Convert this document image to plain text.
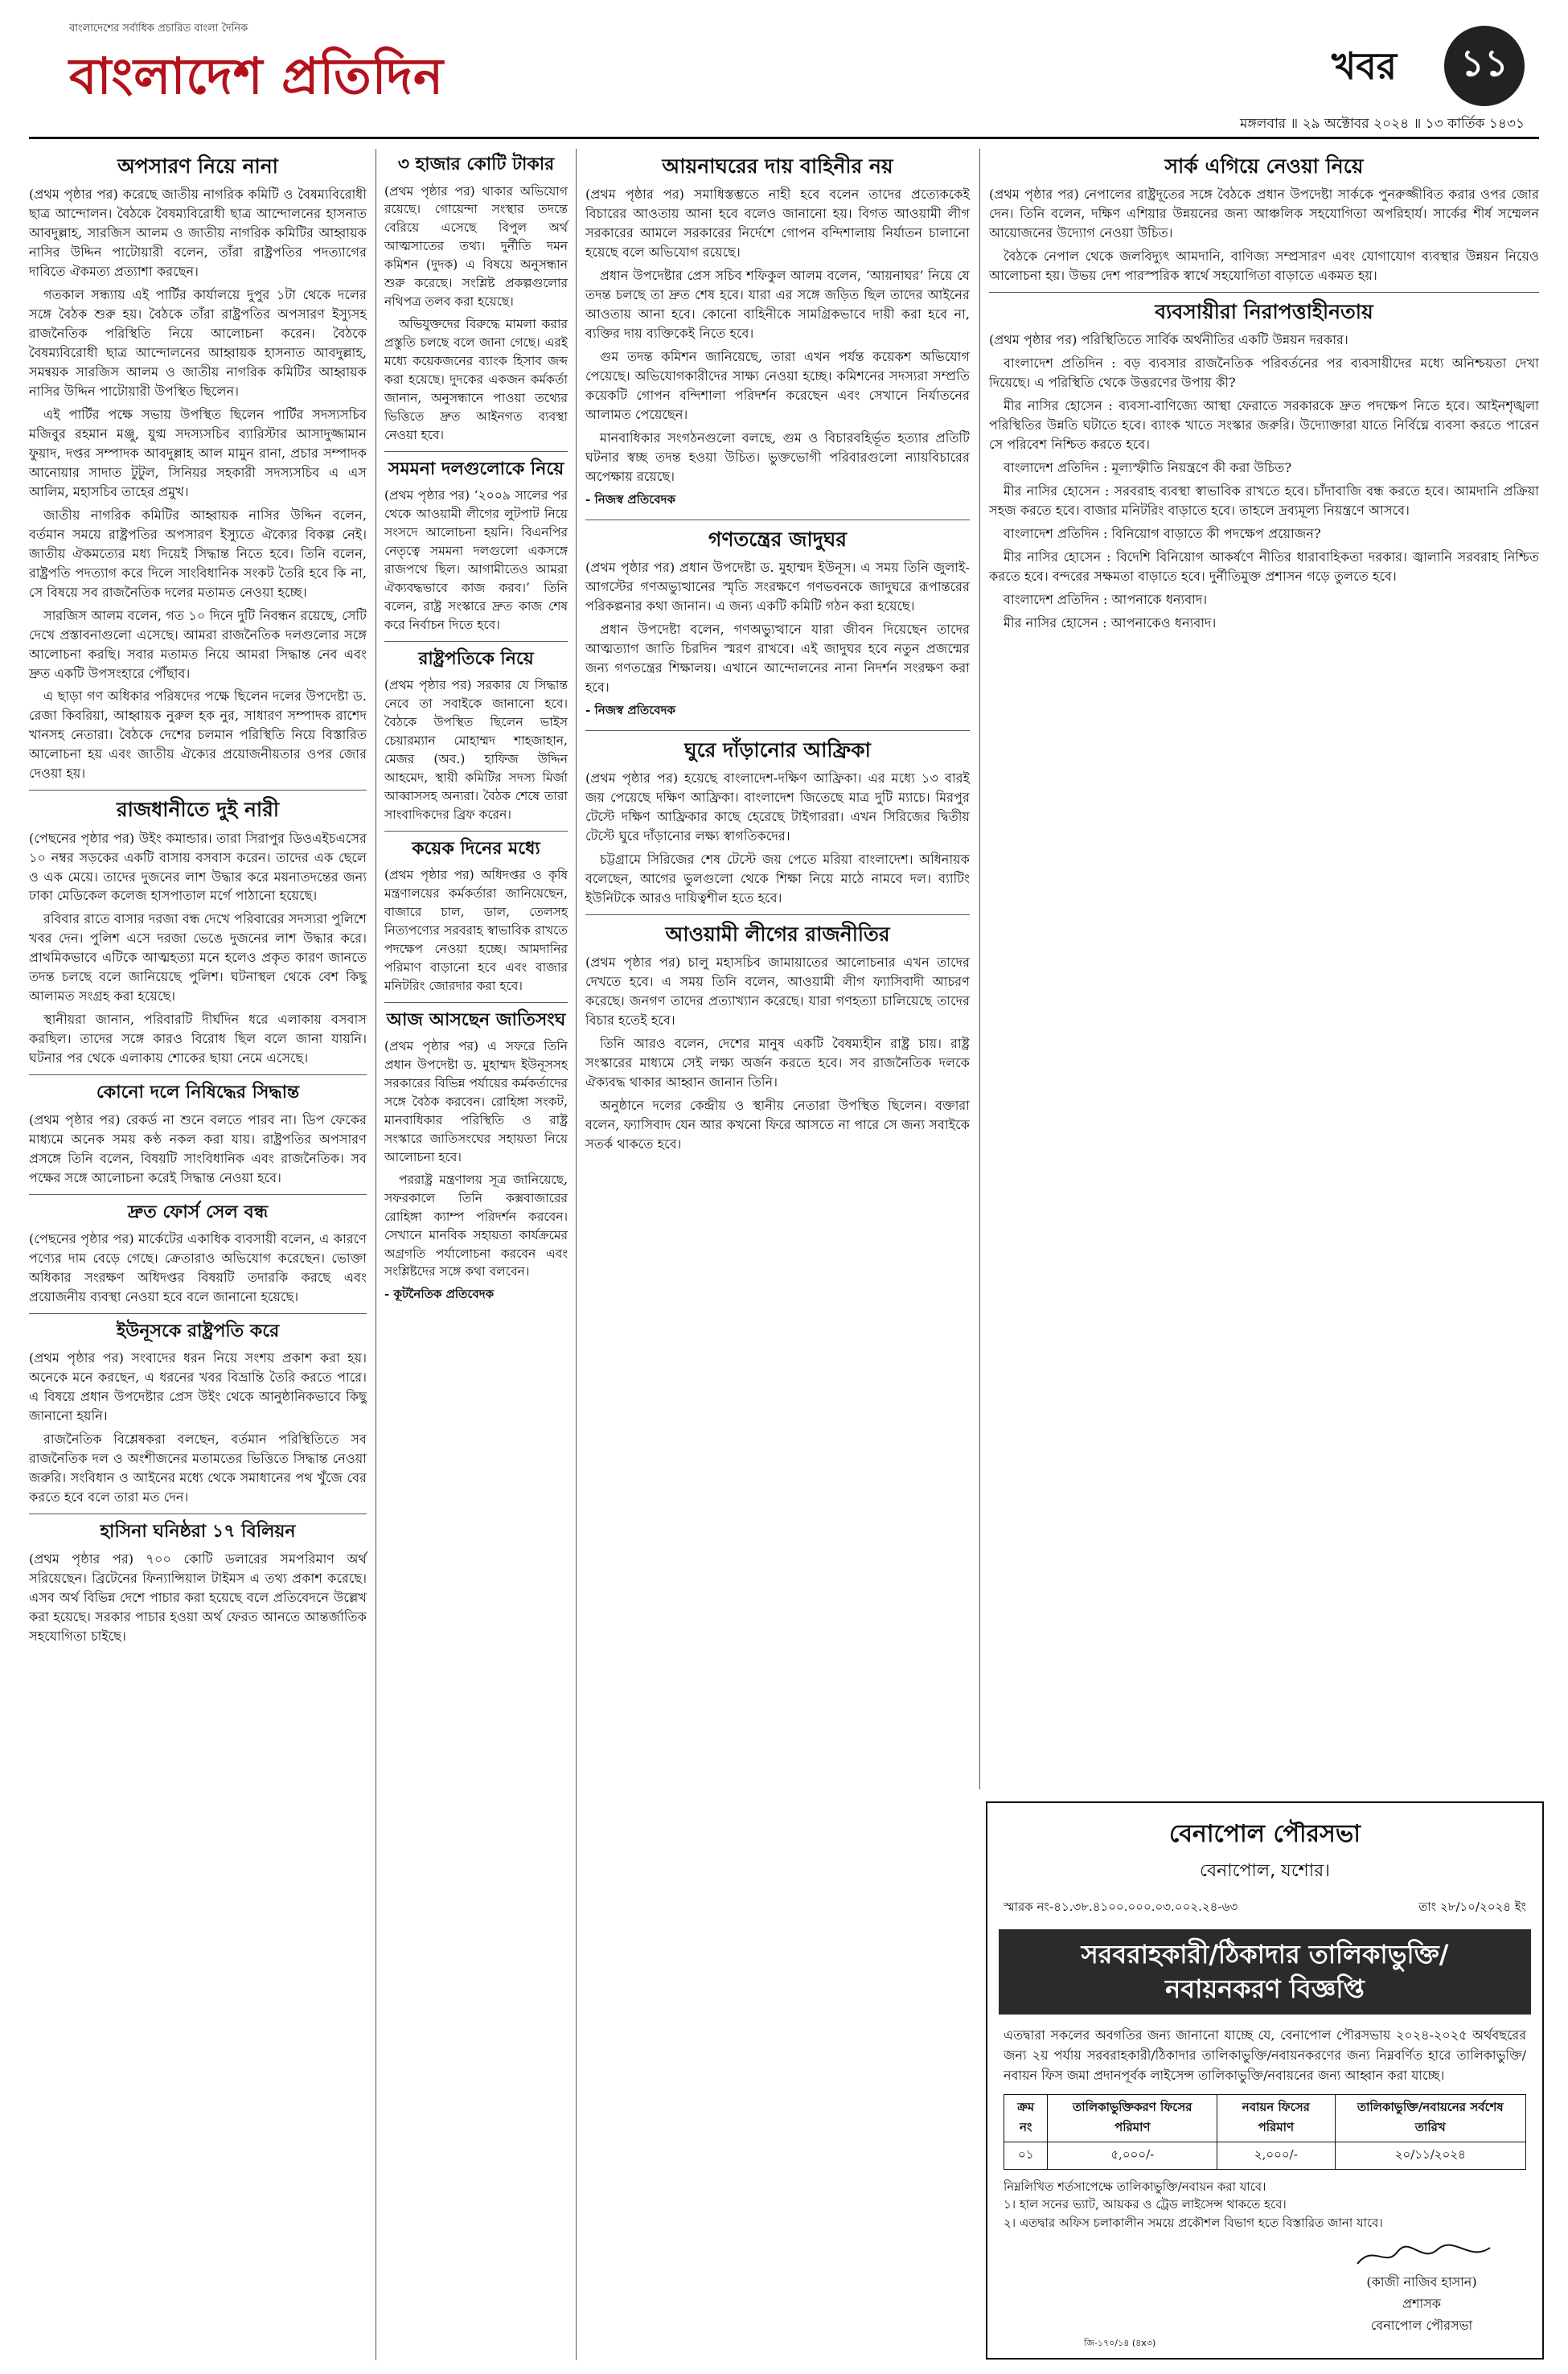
বাংলাদেশের সর্বাধিক প্রচারিত বাংলা দৈনিক
বাংলাদেশ প্রতিদিন	খবর	১১
মঙ্গলবার ॥ ২৯ অক্টোবর ২০২৪ ॥ ১৩ কার্তিক ১৪৩১
অপসারণ নিয়ে নানা

(প্রথম পৃষ্ঠার পর) করেছে জাতীয় নাগরিক কমিটি ও বৈষম্যবিরোধী ছাত্র আন্দোলন। বৈঠকে বৈষম্যবিরোধী ছাত্র আন্দোলনের হাসনাত আবদুল্লাহ, সারজিস আলম ও জাতীয় নাগরিক কমিটির আহ্বায়ক নাসির উদ্দিন পাটোয়ারী বলেন, তাঁরা রাষ্ট্রপতির পদত্যাগের দাবিতে ঐকমত্য প্রত্যাশা করছেন।

গতকাল সন্ধ্যায় এই পার্টির কার্যালয়ে দুপুর ১টা থেকে দলের সঙ্গে বৈঠক শুরু হয়। বৈঠকে তাঁরা রাষ্ট্রপতির অপসারণ ইস্যুসহ রাজনৈতিক পরিস্থিতি নিয়ে আলোচনা করেন। বৈঠকে বৈষম্যবিরোধী ছাত্র আন্দোলনের আহ্বায়ক হাসনাত আবদুল্লাহ, সমন্বয়ক সারজিস আলম ও জাতীয় নাগরিক কমিটির আহ্বায়ক নাসির উদ্দিন পাটোয়ারী উপস্থিত ছিলেন।

এই পার্টির পক্ষে সভায় উপস্থিত ছিলেন পার্টির সদস্যসচিব মজিবুর রহমান মঞ্জু, যুগ্ম সদস্যসচিব ব্যারিস্টার আসাদুজ্জামান ফুয়াদ, দপ্তর সম্পাদক আবদুল্লাহ আল মামুন রানা, প্রচার সম্পাদক আনোয়ার সাদাত টুটুল, সিনিয়র সহকারী সদস্যসচিব এ এস আলিম, মহাসচিব তাহের প্রমুখ।

জাতীয় নাগরিক কমিটির আহ্বায়ক নাসির উদ্দিন বলেন, বর্তমান সময়ে রাষ্ট্রপতির অপসারণ ইস্যুতে ঐক্যের বিকল্প নেই। জাতীয় ঐকমত্যের মধ্য দিয়েই সিদ্ধান্ত নিতে হবে। তিনি বলেন, রাষ্ট্রপতি পদত্যাগ করে দিলে সাংবিধানিক সংকট তৈরি হবে কি না, সে বিষয়ে সব রাজনৈতিক দলের মতামত নেওয়া হচ্ছে।

সারজিস আলম বলেন, গত ১০ দিনে দুটি নিবন্ধন রয়েছে, সেটি দেখে প্রস্তাবনাগুলো এসেছে। আমরা রাজনৈতিক দলগুলোর সঙ্গে আলোচনা করছি। সবার মতামত নিয়ে আমরা সিদ্ধান্ত নেব এবং দ্রুত একটি উপসংহারে পৌঁছাব।

এ ছাড়া গণ অধিকার পরিষদের পক্ষে ছিলেন দলের উপদেষ্টা ড. রেজা কিবরিয়া, আহ্বায়ক নুরুল হক নুর, সাধারণ সম্পাদক রাশেদ খানসহ নেতারা। বৈঠকে দেশের চলমান পরিস্থিতি নিয়ে বিস্তারিত আলোচনা হয় এবং জাতীয় ঐক্যের প্রয়োজনীয়তার ওপর জোর দেওয়া হয়।

রাজধানীতে দুই নারী

(পেছনের পৃষ্ঠার পর) উইং কমান্ডার। তারা সিরাপুর ডিওএইচএসের ১০ নম্বর সড়কের একটি বাসায় বসবাস করেন। তাদের এক ছেলে ও এক মেয়ে। তাদের দুজনের লাশ উদ্ধার করে ময়নাতদন্তের জন্য ঢাকা মেডিকেল কলেজ হাসপাতাল মর্গে পাঠানো হয়েছে।

রবিবার রাতে বাসার দরজা বন্ধ দেখে পরিবারের সদস্যরা পুলিশে খবর দেন। পুলিশ এসে দরজা ভেঙে দুজনের লাশ উদ্ধার করে। প্রাথমিকভাবে এটিকে আত্মহত্যা মনে হলেও প্রকৃত কারণ জানতে তদন্ত চলছে বলে জানিয়েছে পুলিশ। ঘটনাস্থল থেকে বেশ কিছু আলামত সংগ্রহ করা হয়েছে।

স্থানীয়রা জানান, পরিবারটি দীর্ঘদিন ধরে এলাকায় বসবাস করছিল। তাদের সঙ্গে কারও বিরোধ ছিল বলে জানা যায়নি। ঘটনার পর থেকে এলাকায় শোকের ছায়া নেমে এসেছে।

কোনো দলে নিষিদ্ধের সিদ্ধান্ত

(প্রথম পৃষ্ঠার পর) রেকর্ড না শুনে বলতে পারব না। ডিপ ফেকের মাধ্যমে অনেক সময় কণ্ঠ নকল করা যায়। রাষ্ট্রপতির অপসারণ প্রসঙ্গে তিনি বলেন, বিষয়টি সাংবিধানিক এবং রাজনৈতিক। সব পক্ষের সঙ্গে আলোচনা করেই সিদ্ধান্ত নেওয়া হবে।

দ্রুত ফোর্স সেল বন্ধ

(পেছনের পৃষ্ঠার পর) মার্কেটের একাধিক ব্যবসায়ী বলেন, এ কারণে পণ্যের দাম বেড়ে গেছে। ক্রেতারাও অভিযোগ করেছেন। ভোক্তা অধিকার সংরক্ষণ অধিদপ্তর বিষয়টি তদারকি করছে এবং প্রয়োজনীয় ব্যবস্থা নেওয়া হবে বলে জানানো হয়েছে।

ইউনূসকে রাষ্ট্রপতি করে

(প্রথম পৃষ্ঠার পর) সংবাদের ধরন নিয়ে সংশয় প্রকাশ করা হয়। অনেকে মনে করছেন, এ ধরনের খবর বিভ্রান্তি তৈরি করতে পারে। এ বিষয়ে প্রধান উপদেষ্টার প্রেস উইং থেকে আনুষ্ঠানিকভাবে কিছু জানানো হয়নি।

রাজনৈতিক বিশ্লেষকরা বলছেন, বর্তমান পরিস্থিতিতে সব রাজনৈতিক দল ও অংশীজনের মতামতের ভিত্তিতে সিদ্ধান্ত নেওয়া জরুরি। সংবিধান ও আইনের মধ্যে থেকে সমাধানের পথ খুঁজে বের করতে হবে বলে তারা মত দেন।

হাসিনা ঘনিষ্ঠরা ১৭ বিলিয়ন

(প্রথম পৃষ্ঠার পর) ৭০০ কোটি ডলারের সমপরিমাণ অর্থ সরিয়েছেন। ব্রিটেনের ফিন্যান্সিয়াল টাইমস এ তথ্য প্রকাশ করেছে। এসব অর্থ বিভিন্ন দেশে পাচার করা হয়েছে বলে প্রতিবেদনে উল্লেখ করা হয়েছে। সরকার পাচার হওয়া অর্থ ফেরত আনতে আন্তর্জাতিক সহযোগিতা চাইছে।

৩ হাজার কোটি টাকার

(প্রথম পৃষ্ঠার পর) থাকার অভিযোগ রয়েছে। গোয়েন্দা সংস্থার তদন্তে বেরিয়ে এসেছে বিপুল অর্থ আত্মসাতের তথ্য। দুর্নীতি দমন কমিশন (দুদক) এ বিষয়ে অনুসন্ধান শুরু করেছে। সংশ্লিষ্ট প্রকল্পগুলোর নথিপত্র তলব করা হয়েছে।

অভিযুক্তদের বিরুদ্ধে মামলা করার প্রস্তুতি চলছে বলে জানা গেছে। এরই মধ্যে কয়েকজনের ব্যাংক হিসাব জব্দ করা হয়েছে। দুদকের একজন কর্মকর্তা জানান, অনুসন্ধানে পাওয়া তথ্যের ভিত্তিতে দ্রুত আইনগত ব্যবস্থা নেওয়া হবে।

সমমনা দলগুলোকে নিয়ে

(প্রথম পৃষ্ঠার পর) ‘২০০৯ সালের পর থেকে আওয়ামী লীগের লুটপাট নিয়ে সংসদে আলোচনা হয়নি। বিএনপির নেতৃত্বে সমমনা দলগুলো একসঙ্গে রাজপথে ছিল। আগামীতেও আমরা ঐক্যবদ্ধভাবে কাজ করব।’ তিনি বলেন, রাষ্ট্র সংস্কারে দ্রুত কাজ শেষ করে নির্বাচন দিতে হবে।

রাষ্ট্রপতিকে নিয়ে

(প্রথম পৃষ্ঠার পর) সরকার যে সিদ্ধান্ত নেবে তা সবাইকে জানানো হবে। বৈঠকে উপস্থিত ছিলেন ভাইস চেয়ারম্যান মোহাম্মদ শাহজাহান, মেজর (অব.) হাফিজ উদ্দিন আহমেদ, স্থায়ী কমিটির সদস্য মির্জা আব্বাসসহ অন্যরা। বৈঠক শেষে তারা সাংবাদিকদের ব্রিফ করেন।

কয়েক দিনের মধ্যে

(প্রথম পৃষ্ঠার পর) অধিদপ্তর ও কৃষি মন্ত্রণালয়ের কর্মকর্তারা জানিয়েছেন, বাজারে চাল, ডাল, তেলসহ নিত্যপণ্যের সরবরাহ স্বাভাবিক রাখতে পদক্ষেপ নেওয়া হচ্ছে। আমদানির পরিমাণ বাড়ানো হবে এবং বাজার মনিটরিং জোরদার করা হবে।

আজ আসছেন জাতিসংঘ

(প্রথম পৃষ্ঠার পর) এ সফরে তিনি প্রধান উপদেষ্টা ড. মুহাম্মদ ইউনূসসহ সরকারের বিভিন্ন পর্যায়ের কর্মকর্তাদের সঙ্গে বৈঠক করবেন। রোহিঙ্গা সংকট, মানবাধিকার পরিস্থিতি ও রাষ্ট্র সংস্কারে জাতিসংঘের সহায়তা নিয়ে আলোচনা হবে।

পররাষ্ট্র মন্ত্রণালয় সূত্র জানিয়েছে, সফরকালে তিনি কক্সবাজারের রোহিঙ্গা ক্যাম্প পরিদর্শন করবেন। সেখানে মানবিক সহায়তা কার্যক্রমের অগ্রগতি পর্যালোচনা করবেন এবং সংশ্লিষ্টদের সঙ্গে কথা বলবেন।

- কূটনৈতিক প্রতিবেদক
আয়নাঘরের দায় বাহিনীর নয়

(প্রথম পৃষ্ঠার পর) সমাধিস্তম্ভতে নাহী হবে বলেন তাদের প্রত্যেককেই বিচারের আওতায় আনা হবে বলেও জানানো হয়। বিগত আওয়ামী লীগ সরকারের আমলে সরকারের নির্দেশে গোপন বন্দিশালায় নির্যাতন চালানো হয়েছে বলে অভিযোগ রয়েছে।

প্রধান উপদেষ্টার প্রেস সচিব শফিকুল আলম বলেন, ‘আয়নাঘর’ নিয়ে যে তদন্ত চলছে তা দ্রুত শেষ হবে। যারা এর সঙ্গে জড়িত ছিল তাদের আইনের আওতায় আনা হবে। কোনো বাহিনীকে সামগ্রিকভাবে দায়ী করা হবে না, ব্যক্তির দায় ব্যক্তিকেই নিতে হবে।

গুম তদন্ত কমিশন জানিয়েছে, তারা এখন পর্যন্ত কয়েকশ অভিযোগ পেয়েছে। অভিযোগকারীদের সাক্ষ্য নেওয়া হচ্ছে। কমিশনের সদস্যরা সম্প্রতি কয়েকটি গোপন বন্দিশালা পরিদর্শন করেছেন এবং সেখানে নির্যাতনের আলামত পেয়েছেন।

মানবাধিকার সংগঠনগুলো বলছে, গুম ও বিচারবহির্ভূত হত্যার প্রতিটি ঘটনার স্বচ্ছ তদন্ত হওয়া উচিত। ভুক্তভোগী পরিবারগুলো ন্যায়বিচারের অপেক্ষায় রয়েছে।

- নিজস্ব প্রতিবেদক
গণতন্ত্রের জাদুঘর

(প্রথম পৃষ্ঠার পর) প্রধান উপদেষ্টা ড. মুহাম্মদ ইউনূস। এ সময় তিনি জুলাই-আগস্টের গণঅভ্যুত্থানের স্মৃতি সংরক্ষণে গণভবনকে জাদুঘরে রূপান্তরের পরিকল্পনার কথা জানান। এ জন্য একটি কমিটি গঠন করা হয়েছে।

প্রধান উপদেষ্টা বলেন, গণঅভ্যুত্থানে যারা জীবন দিয়েছেন তাদের আত্মত্যাগ জাতি চিরদিন স্মরণ রাখবে। এই জাদুঘর হবে নতুন প্রজন্মের জন্য গণতন্ত্রের শিক্ষালয়। এখানে আন্দোলনের নানা নিদর্শন সংরক্ষণ করা হবে।

- নিজস্ব প্রতিবেদক
ঘুরে দাঁড়ানোর আফ্রিকা

(প্রথম পৃষ্ঠার পর) হয়েছে বাংলাদেশ-দক্ষিণ আফ্রিকা। এর মধ্যে ১৩ বারই জয় পেয়েছে দক্ষিণ আফ্রিকা। বাংলাদেশ জিতেছে মাত্র দুটি ম্যাচে। মিরপুর টেস্টে দক্ষিণ আফ্রিকার কাছে হেরেছে টাইগাররা। এখন সিরিজের দ্বিতীয় টেস্টে ঘুরে দাঁড়ানোর লক্ষ্য স্বাগতিকদের।

চট্টগ্রামে সিরিজের শেষ টেস্টে জয় পেতে মরিয়া বাংলাদেশ। অধিনায়ক বলেছেন, আগের ভুলগুলো থেকে শিক্ষা নিয়ে মাঠে নামবে দল। ব্যাটিং ইউনিটকে আরও দায়িত্বশীল হতে হবে।

আওয়ামী লীগের রাজনীতির

(প্রথম পৃষ্ঠার পর) চালু মহাসচিব জামায়াতের আলোচনার এখন তাদের দেখতে হবে। এ সময় তিনি বলেন, আওয়ামী লীগ ফ্যাসিবাদী আচরণ করেছে। জনগণ তাদের প্রত্যাখ্যান করেছে। যারা গণহত্যা চালিয়েছে তাদের বিচার হতেই হবে।

তিনি আরও বলেন, দেশের মানুষ একটি বৈষম্যহীন রাষ্ট্র চায়। রাষ্ট্র সংস্কারের মাধ্যমে সেই লক্ষ্য অর্জন করতে হবে। সব রাজনৈতিক দলকে ঐক্যবদ্ধ থাকার আহ্বান জানান তিনি।

অনুষ্ঠানে দলের কেন্দ্রীয় ও স্থানীয় নেতারা উপস্থিত ছিলেন। বক্তারা বলেন, ফ্যাসিবাদ যেন আর কখনো ফিরে আসতে না পারে সে জন্য সবাইকে সতর্ক থাকতে হবে।

সার্ক এগিয়ে নেওয়া নিয়ে

(প্রথম পৃষ্ঠার পর) নেপালের রাষ্ট্রদূতের সঙ্গে বৈঠকে প্রধান উপদেষ্টা সার্ককে পুনরুজ্জীবিত করার ওপর জোর দেন। তিনি বলেন, দক্ষিণ এশিয়ার উন্নয়নের জন্য আঞ্চলিক সহযোগিতা অপরিহার্য। সার্কের শীর্ষ সম্মেলন আয়োজনের উদ্যোগ নেওয়া উচিত।

বৈঠকে নেপাল থেকে জলবিদ্যুৎ আমদানি, বাণিজ্য সম্প্রসারণ এবং যোগাযোগ ব্যবস্থার উন্নয়ন নিয়েও আলোচনা হয়। উভয় দেশ পারস্পরিক স্বার্থে সহযোগিতা বাড়াতে একমত হয়।

ব্যবসায়ীরা নিরাপত্তাহীনতায়

(প্রথম পৃষ্ঠার পর) পরিস্থিতিতে সার্বিক অর্থনীতির একটি উন্নয়ন দরকার।

বাংলাদেশ প্রতিদিন : বড় ব্যবসার রাজনৈতিক পরিবর্তনের পর ব্যবসায়ীদের মধ্যে অনিশ্চয়তা দেখা দিয়েছে। এ পরিস্থিতি থেকে উত্তরণের উপায় কী?

মীর নাসির হোসেন : ব্যবসা-বাণিজ্যে আস্থা ফেরাতে সরকারকে দ্রুত পদক্ষেপ নিতে হবে। আইনশৃঙ্খলা পরিস্থিতির উন্নতি ঘটাতে হবে। ব্যাংক খাতে সংস্কার জরুরি। উদ্যোক্তারা যাতে নির্বিঘ্নে ব্যবসা করতে পারেন সে পরিবেশ নিশ্চিত করতে হবে।

বাংলাদেশ প্রতিদিন : মূল্যস্ফীতি নিয়ন্ত্রণে কী করা উচিত?

মীর নাসির হোসেন : সরবরাহ ব্যবস্থা স্বাভাবিক রাখতে হবে। চাঁদাবাজি বন্ধ করতে হবে। আমদানি প্রক্রিয়া সহজ করতে হবে। বাজার মনিটরিং বাড়াতে হবে। তাহলে দ্রব্যমূল্য নিয়ন্ত্রণে আসবে।

বাংলাদেশ প্রতিদিন : বিনিয়োগ বাড়াতে কী পদক্ষেপ প্রয়োজন?

মীর নাসির হোসেন : বিদেশি বিনিয়োগ আকর্ষণে নীতির ধারাবাহিকতা দরকার। জ্বালানি সরবরাহ নিশ্চিত করতে হবে। বন্দরের সক্ষমতা বাড়াতে হবে। দুর্নীতিমুক্ত প্রশাসন গড়ে তুলতে হবে।

বাংলাদেশ প্রতিদিন : আপনাকে ধন্যবাদ।

মীর নাসির হোসেন : আপনাকেও ধন্যবাদ।

বেনাপোল পৌরসভা
বেনাপোল, যশোর।
স্মারক নং-৪১.৩৮.৪১০০.০০০.০৩.০০২.২৪-৬৩	তাং ২৮/১০/২০২৪ ইং
সরবরাহকারী/ঠিকাদার তালিকাভুক্তি/
নবায়নকরণ বিজ্ঞপ্তি
এতদ্বারা সকলের অবগতির জন্য জানানো যাচ্ছে যে, বেনাপোল পৌরসভায় ২০২৪-২০২৫ অর্থবছরের জন্য ২য় পর্যায় সরবরাহকারী/ঠিকাদার তালিকাভুক্তি/নবায়নকরণের জন্য নিম্নবর্ণিত হারে তালিকাভুক্তি/নবায়ন ফিস জমা প্রদানপূর্বক লাইসেন্স তালিকাভুক্তি/নবায়নের জন্য আহ্বান করা যাচ্ছে।
ক্রম নং	তালিকাভুক্তিকরণ ফিসের পরিমাণ	নবায়ন ফিসের পরিমাণ	তালিকাভুক্তি/নবায়নের সর্বশেষ তারিখ
০১	৫,০০০/-	২,০০০/-	২০/১১/২০২৪
নিম্নলিখিত শর্তসাপেক্ষে তালিকাভুক্তি/নবায়ন করা যাবে।
১। হাল সনের ভ্যাট, আয়কর ও ট্রেড লাইসেন্স থাকতে হবে।
২। এতদ্বার অফিস চলাকালীন সময়ে প্রকৌশল বিভাগ হতে বিস্তারিত জানা যাবে।
(কাজী নাজিব হাসান)
প্রশাসক
বেনাপোল পৌরসভা
জি-১৭০/১৪ (৪x৩)
